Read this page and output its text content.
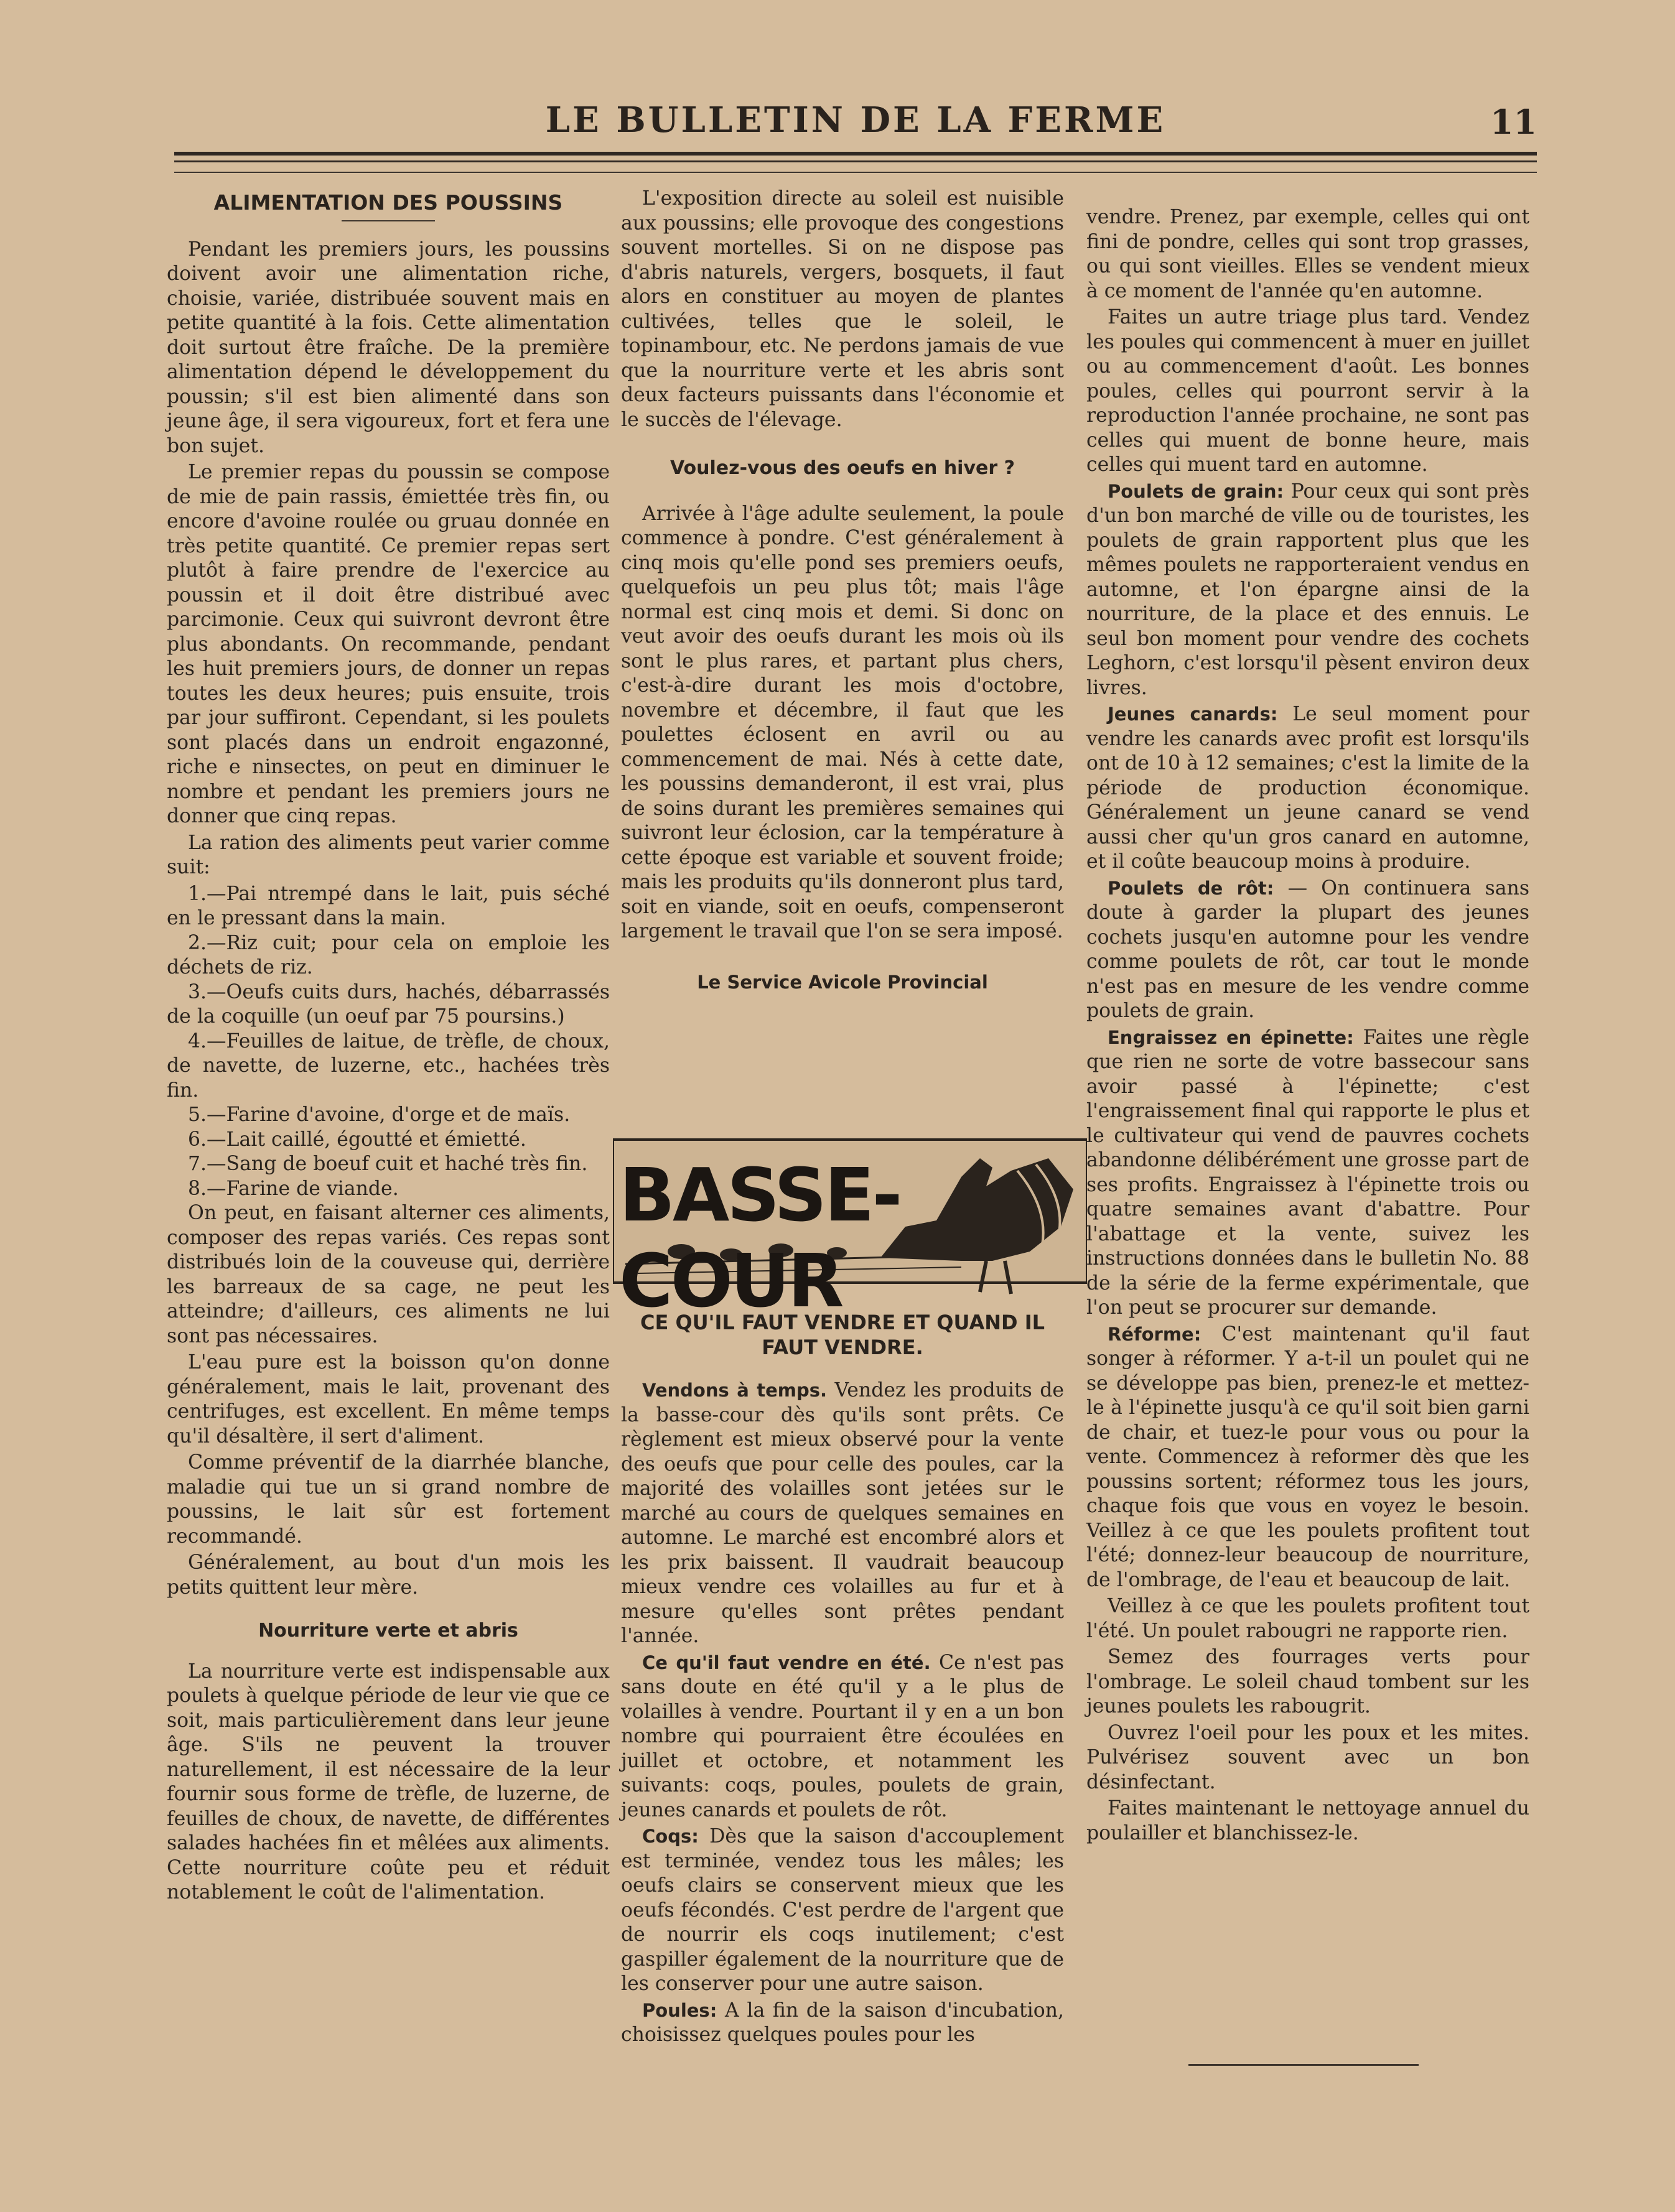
LE BULLETIN DE LA FERME	11
ALIMENTATION DES POUSSINS

Pendant les premiers jours, les poussins doivent avoir une alimentation riche, choisie, variée, distribuée souvent mais en petite quantité à la fois. Cette alimentation doit surtout être fraîche. De la première alimentation dépend le développement du poussin; s'il est bien alimenté dans son jeune âge, il sera vigoureux, fort et fera une bon sujet.

Le premier repas du poussin se compose de mie de pain rassis, émiettée très fin, ou encore d'avoine roulée ou gruau donnée en très petite quantité. Ce premier repas sert plutôt à faire prendre de l'exercice au poussin et il doit être distribué avec parcimonie. Ceux qui suivront devront être plus abondants. On recommande, pendant les huit premiers jours, de donner un repas toutes les deux heures; puis ensuite, trois par jour suffiront. Cependant, si les poulets sont placés dans un endroit engazonné, riche e ninsectes, on peut en diminuer le nombre et pendant les premiers jours ne donner que cinq repas.

La ration des aliments peut varier comme suit:

1.—Pai ntrempé dans le lait, puis séché en le pressant dans la main.
2.—Riz cuit; pour cela on emploie les déchets de riz.
3.—Oeufs cuits durs, hachés, débarrassés de la coquille (un oeuf par 75 poursins.)
4.—Feuilles de laitue, de trèfle, de choux, de navette, de luzerne, etc., hachées très fin.
5.—Farine d'avoine, d'orge et de maïs.
6.—Lait caillé, égoutté et émietté.
7.—Sang de boeuf cuit et haché très fin.
8.—Farine de viande.

On peut, en faisant alterner ces aliments, composer des repas variés. Ces repas sont distribués loin de la couveuse qui, derrière les barreaux de sa cage, ne peut les atteindre; d'ailleurs, ces aliments ne lui sont pas nécessaires.

L'eau pure est la boisson qu'on donne généralement, mais le lait, provenant des centrifuges, est excellent. En même temps qu'il désaltère, il sert d'aliment.

Comme préventif de la diarrhée blanche, maladie qui tue un si grand nombre de poussins, le lait sûr est fortement recommandé.

Généralement, au bout d'un mois les petits quittent leur mère.

Nourriture verte et abris

La nourriture verte est indispensable aux poulets à quelque période de leur vie que ce soit, mais particulièrement dans leur jeune âge. S'ils ne peuvent la trouver naturellement, il est nécessaire de la leur fournir sous forme de trèfle, de luzerne, de feuilles de choux, de navette, de différentes salades hachées fin et mêlées aux aliments. Cette nourriture coûte peu et réduit notablement le coût de l'alimentation.

L'exposition directe au soleil est nuisible aux poussins; elle provoque des congestions souvent mortelles. Si on ne dispose pas d'abris naturels, vergers, bosquets, il faut alors en constituer au moyen de plantes cultivées, telles que le soleil, le topinambour, etc. Ne perdons jamais de vue que la nourriture verte et les abris sont deux facteurs puissants dans l'économie et le succès de l'élevage.

Voulez-vous des oeufs en hiver ?

Arrivée à l'âge adulte seulement, la poule commence à pondre. C'est généralement à cinq mois qu'elle pond ses premiers oeufs, quelquefois un peu plus tôt; mais l'âge normal est cinq mois et demi. Si donc on veut avoir des oeufs durant les mois où ils sont le plus rares, et partant plus chers, c'est-à-dire durant les mois d'octobre, novembre et décembre, il faut que les poulettes éclosent en avril ou au commencement de mai. Nés à cette date, les poussins demanderont, il est vrai, plus de soins durant les premières semaines qui suivront leur éclosion, car la température à cette époque est variable et souvent froide; mais les produits qu'ils donneront plus tard, soit en viande, soit en oeufs, compenseront largement le travail que l'on se sera imposé.

Le Service Avicole Provincial
BASSE-COUR
CE QU'IL FAUT VENDRE ET QUAND IL FAUT VENDRE.

Vendons à temps. Vendez les produits de la basse-cour dès qu'ils sont prêts. Ce règlement est mieux observé pour la vente des oeufs que pour celle des poules, car la majorité des volailles sont jetées sur le marché au cours de quelques semaines en automne. Le marché est encombré alors et les prix baissent. Il vaudrait beaucoup mieux vendre ces volailles au fur et à mesure qu'elles sont prêtes pendant l'année.

Ce qu'il faut vendre en été. Ce n'est pas sans doute en été qu'il y a le plus de volailles à vendre. Pourtant il y en a un bon nombre qui pourraient être écoulées en juillet et octobre, et notamment les suivants: coqs, poules, poulets de grain, jeunes canards et poulets de rôt.

Coqs: Dès que la saison d'accouplement est terminée, vendez tous les mâles; les oeufs clairs se conservent mieux que les oeufs fécondés. C'est perdre de l'argent que de nourrir els coqs inutilement; c'est gaspiller également de la nourriture que de les conserver pour une autre saison.

Poules: A la fin de la saison d'incubation, choisissez quelques poules pour les

vendre. Prenez, par exemple, celles qui ont fini de pondre, celles qui sont trop grasses, ou qui sont vieilles. Elles se vendent mieux à ce moment de l'année qu'en automne.

Faites un autre triage plus tard. Vendez les poules qui commencent à muer en juillet ou au commencement d'août. Les bonnes poules, celles qui pourront servir à la reproduction l'année prochaine, ne sont pas celles qui muent de bonne heure, mais celles qui muent tard en automne.

Poulets de grain: Pour ceux qui sont près d'un bon marché de ville ou de touristes, les poulets de grain rapportent plus que les mêmes poulets ne rapporteraient vendus en automne, et l'on épargne ainsi de la nourriture, de la place et des ennuis. Le seul bon moment pour vendre des cochets Leghorn, c'est lorsqu'il pèsent environ deux livres.

Jeunes canards: Le seul moment pour vendre les canards avec profit est lorsqu'ils ont de 10 à 12 semaines; c'est la limite de la période de production économique. Généralement un jeune canard se vend aussi cher qu'un gros canard en automne, et il coûte beaucoup moins à produire.

Poulets de rôt: — On continuera sans doute à garder la plupart des jeunes cochets jusqu'en automne pour les vendre comme poulets de rôt, car tout le monde n'est pas en mesure de les vendre comme poulets de grain.

Engraissez en épinette: Faites une règle que rien ne sorte de votre bassecour sans avoir passé à l'épinette; c'est l'engraissement final qui rapporte le plus et le cultivateur qui vend de pauvres cochets abandonne délibérément une grosse part de ses profits. Engraissez à l'épinette trois ou quatre semaines avant d'abattre. Pour l'abattage et la vente, suivez les instructions données dans le bulletin No. 88 de la série de la ferme expérimentale, que l'on peut se procurer sur demande.

Réforme: C'est maintenant qu'il faut songer à réformer. Y a-t-il un poulet qui ne se développe pas bien, prenez-le et mettez-le à l'épinette jusqu'à ce qu'il soit bien garni de chair, et tuez-le pour vous ou pour la vente. Commencez à reformer dès que les poussins sortent; réformez tous les jours, chaque fois que vous en voyez le besoin. Veillez à ce que les poulets profitent tout l'été; donnez-leur beaucoup de nourriture, de l'ombrage, de l'eau et beaucoup de lait.

Veillez à ce que les poulets profitent tout l'été. Un poulet rabougri ne rapporte rien.

Semez des fourrages verts pour l'ombrage. Le soleil chaud tombent sur les jeunes poulets les rabougrit.

Ouvrez l'oeil pour les poux et les mites. Pulvérisez souvent avec un bon désinfectant.

Faites maintenant le nettoyage annuel du poulailler et blanchissez-le.
